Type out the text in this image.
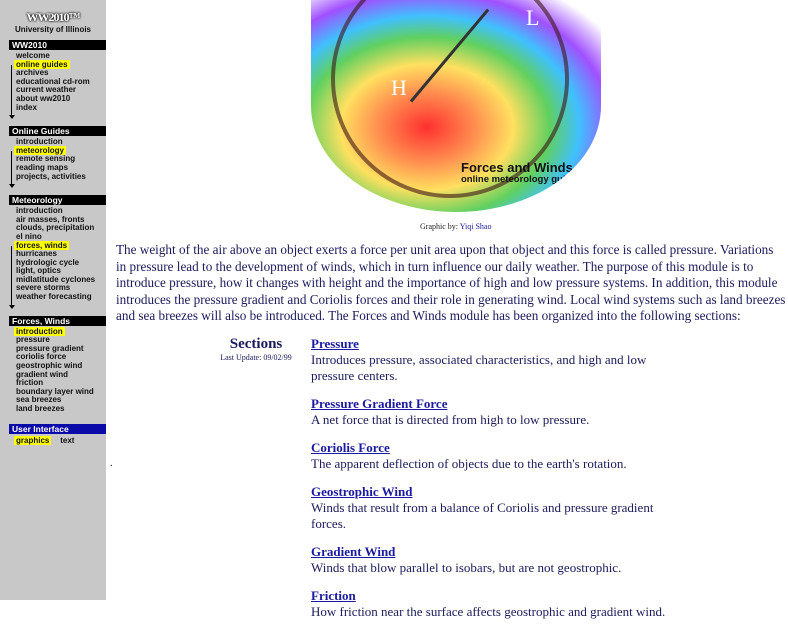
WW2010™
University of Illinois
WW2010
welcome
online guides
archives
educational cd-rom
current weather
about ww2010
index
Online Guides
introduction
meteorology
remote sensing
reading maps
projects, activities
Meteorology
introduction
air masses, fronts
clouds, precipitation
el nino
forces, winds
hurricanes
hydrologic cycle
light, optics
midlatitude cyclones
severe storms
weather forecasting
Forces, Winds
introduction
pressure
pressure gradient
coriolis force
geostrophic wind
gradient wind
friction
boundary layer wind
sea breezes
land breezes
User Interface
graphics text
H
L
Forces and Winds
online meteorology guide
Graphic by: Yiqi Shao
The weight of the air above an object exerts a force per unit area upon that object and this force is called pressure. Variations in pressure lead to the development of winds, which in turn influence our daily weather. The purpose of this module is to introduce pressure, how it changes with height and the importance of high and low pressure systems. In addition, this module introduces the pressure gradient and Coriolis forces and their role in generating wind. Local wind systems such as land breezes and sea breezes will also be introduced. The Forces and Winds module has been organized into the following sections:
Sections
Last Update: 09/02/99
Pressure
Introduces pressure, associated characteristics, and high and low pressure centers.
Pressure Gradient Force
A net force that is directed from high to low pressure.
Coriolis Force
The apparent deflection of objects due to the earth's rotation.
Geostrophic Wind
Winds that result from a balance of Coriolis and pressure gradient forces.
Gradient Wind
Winds that blow parallel to isobars, but are not geostrophic.
Friction
How friction near the surface affects geostrophic and gradient wind.
.
